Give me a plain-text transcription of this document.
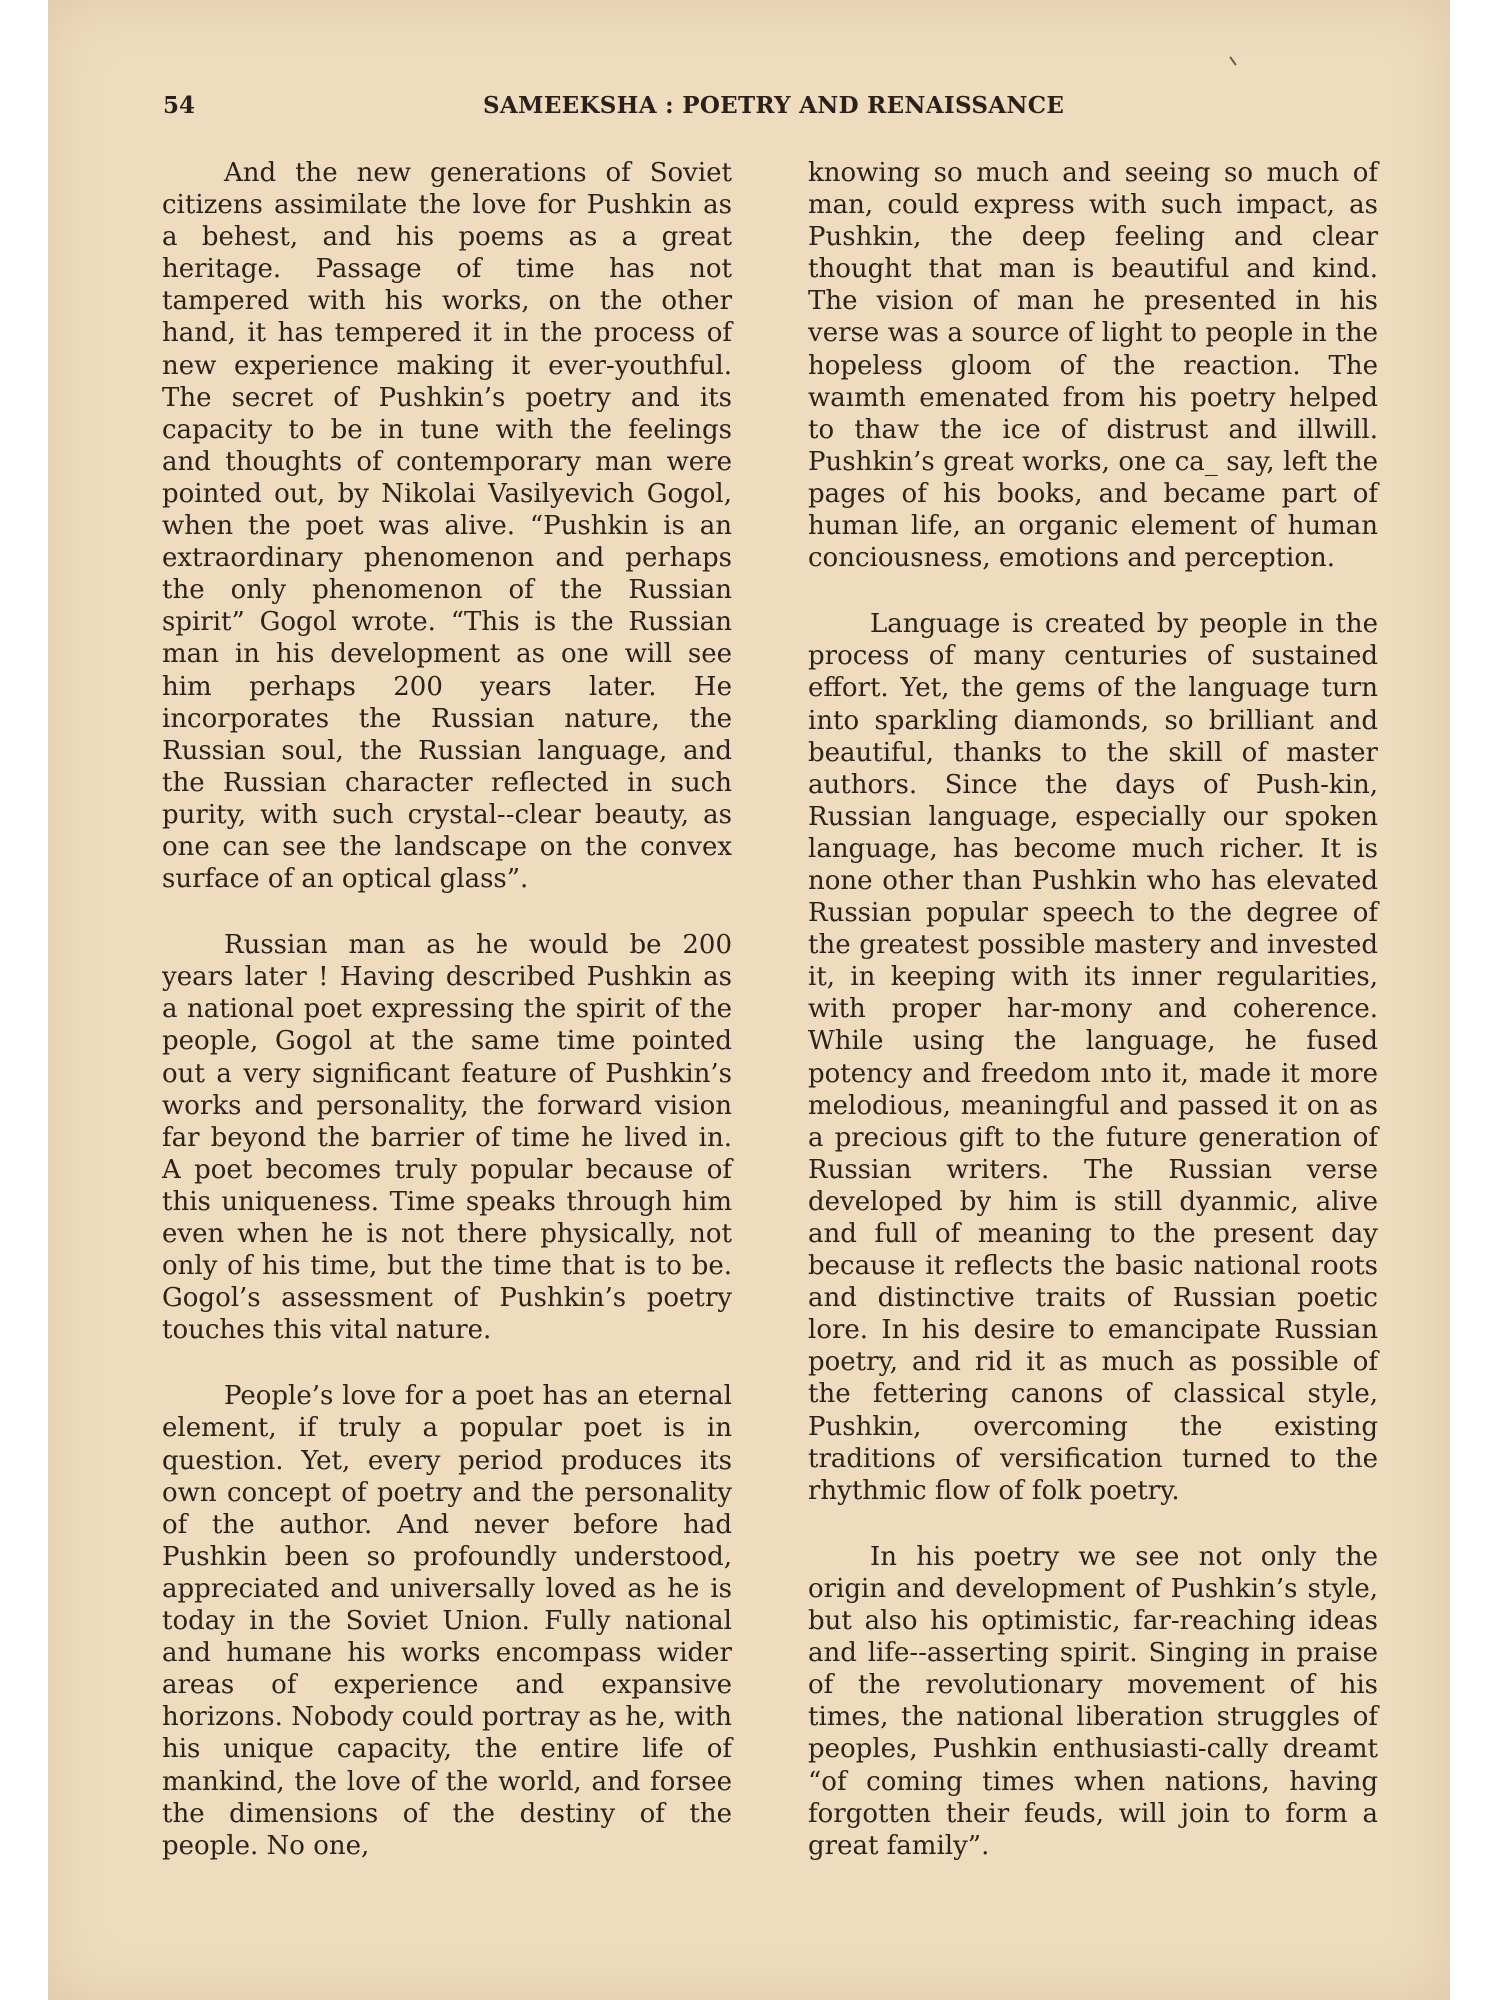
54	SAMEEKSHA : POETRY AND RENAISSANCE

And the new generations of Soviet citizens assimilate the love for Pushkin as a behest, and his poems as a great heritage. Passage of time has not tampered with his works, on the other hand, it has tempered it in the process of new experience making it ever-youthful. The secret of Pushkin’s poetry and its capacity to be in tune with the feelings and thoughts of contemporary man were pointed out, by Nikolai Vasilyevich Gogol, when the poet was alive. “Pushkin is an extraordinary phenomenon and perhaps the only phenomenon of the Russian spirit” Gogol wrote. “This is the Russian man in his development as one will see him perhaps 200 years later. He incorporates the Russian nature, the Russian soul, the Russian language, and the Russian character reflected in such purity, with such crystal--clear beauty, as one can see the landscape on the convex surface of an optical glass”.

Russian man as he would be 200 years later ! Having described Pushkin as a national poet expressing the spirit of the people, Gogol at the same time pointed out a very significant feature of Pushkin’s works and personality, the forward vision far beyond the barrier of time he lived in. A poet becomes truly popular because of this uniqueness. Time speaks through him even when he is not there physically, not only of his time, but the time that is to be. Gogol’s assessment of Pushkin’s poetry touches this vital nature.

People’s love for a poet has an eternal element, if truly a popular poet is in question. Yet, every period produces its own concept of poetry and the personality of the author. And never before had Pushkin been so profoundly understood, appreciated and universally loved as he is today in the Soviet Union. Fully national and humane his works encompass wider areas of experience and expansive horizons. Nobody could portray as he, with his unique capacity, the entire life of mankind, the love of the world, and forsee the dimensions of the destiny of the people. No one,

knowing so much and seeing so much of man, could express with such impact, as Pushkin, the deep feeling and clear thought that man is beautiful and kind. The vision of man he presented in his verse was a source of light to people in the hopeless gloom of the reaction. The waımth emenated from his poetry helped to thaw the ice of distrust and illwill. Pushkin’s great works, one ca_ say, left the pages of his books, and became part of human life, an organic element of human conciousness, emotions and perception.

Language is created by people in the process of many centuries of sustained effort. Yet, the gems of the language turn into sparkling diamonds, so brilliant and beautiful, thanks to the skill of master authors. Since the days of Push-kin, Russian language, especially our spoken language, has become much richer. It is none other than Pushkin who has elevated Russian popular speech to the degree of the greatest possible mastery and invested it, in keeping with its inner regularities, with proper har-mony and coherence. While using the language, he fused potency and freedom ınto it, made it more melodious, meaningful and passed it on as a precious gift to the future generation of Russian writers. The Russian verse developed by him is still dyanmic, alive and full of meaning to the present day because it reflects the basic national roots and distinctive traits of Russian poetic lore. In his desire to emancipate Russian poetry, and rid it as much as possible of the fettering canons of classical style, Pushkin, overcoming the existing traditions of versification turned to the rhythmic flow of folk poetry.

In his poetry we see not only the origin and development of Pushkin’s style, but also his optimistic, far-reaching ideas and life--asserting spirit. Singing in praise of the revolutionary movement of his times, the national liberation struggles of peoples, Pushkin enthusiasti-cally dreamt “of coming times when nations, having forgotten their feuds, will join to form a great family”.
